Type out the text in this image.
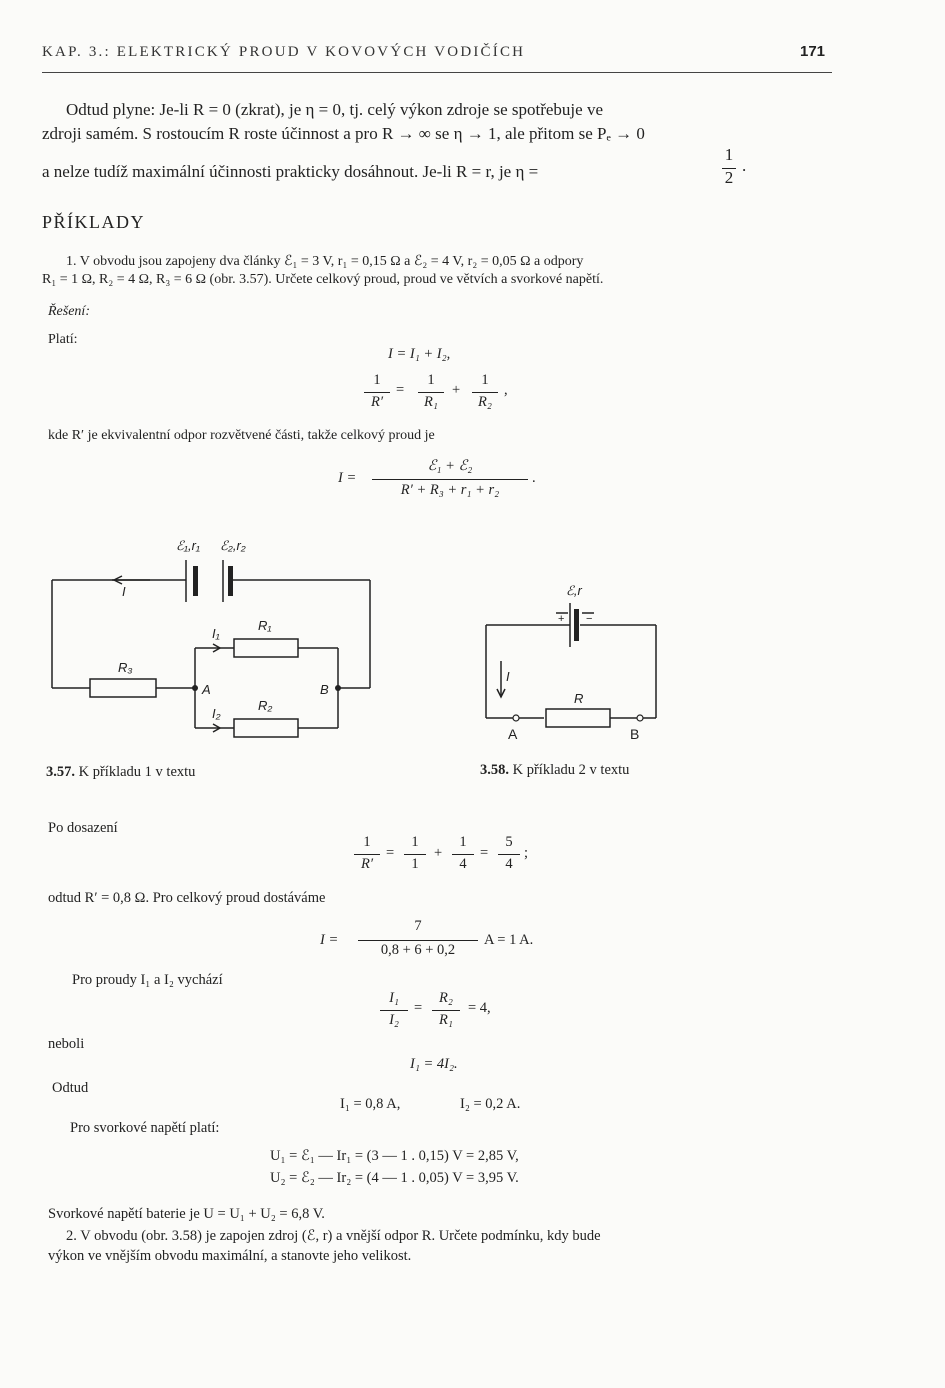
KAP. 3.: ELEKTRICKÝ PROUD V KOVOVÝCH VODIČÍCH	171
Odtud plyne: Je-li R = 0 (zkrat), je η = 0, tj. celý výkon zdroje se spotřebuje ve
zdroji samém. S rostoucím R roste účinnost a pro R → ∞ se η → 1, ale přitom se Pₑ → 0
a nelze tudíž maximální účinnosti prakticky dosáhnout. Je-li R = r, je η =
1
2
.
PŘÍKLADY
1. V obvodu jsou zapojeny dva články ℰ₁ = 3 V, r₁ = 0,15 Ω a ℰ₂ = 4 V, r₂ = 0,05 Ω a odpory
R₁ = 1 Ω, R₂ = 4 Ω, R₃ = 6 Ω (obr. 3.57). Určete celkový proud, proud ve větvích a svorkové napětí.
Řešení:
Platí:
I = I₁ + I₂,
1
R′
=
1
R₁
+
1
R₂
,
kde R′ je ekvivalentní odpor rozvětvené části, takže celkový proud je
I =
ℰ₁ + ℰ₂
R′ + R₃ + r₁ + r₂
.
ℰ₁,r₁ ℰ₂,r₂
I
I₁
R₁
R₃
A	B
I₂
R₂
3.57. K příkladu 1 v textu
ℰ,r
+ −
I
R
A	B
3.58. K příkladu 2 v textu
Po dosazení
1
R′
=
1
1
+
1
4
=
5
4
;
odtud R′ = 0,8 Ω. Pro celkový proud dostáváme
I =
7
0,8 + 6 + 0,2
A = 1 A.
Pro proudy I₁ a I₂ vychází
I₁
I₂
=
R₂
R₁
= 4,
neboli
I₁ = 4I₂.
Odtud
I₁ = 0,8 A,	I₂ = 0,2 A.
Pro svorkové napětí platí:
U₁ = ℰ₁ — Ir₁ = (3 — 1 . 0,15) V = 2,85 V,
U₂ = ℰ₂ — Ir₂ = (4 — 1 . 0,05) V = 3,95 V.
Svorkové napětí baterie je U = U₁ + U₂ = 6,8 V.
2. V obvodu (obr. 3.58) je zapojen zdroj (ℰ, r) a vnější odpor R. Určete podmínku, kdy bude
výkon ve vnějším obvodu maximální, a stanovte jeho velikost.
